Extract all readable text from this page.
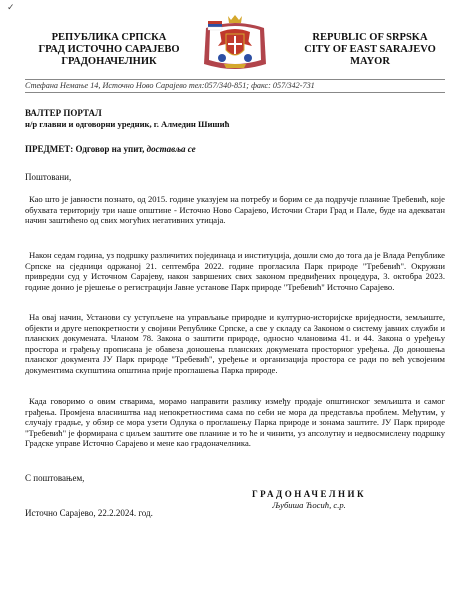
✓
РЕПУБЛИКА СРПСКА
ГРАД ИСТОЧНО САРАЈЕВО
ГРАДОНАЧЕЛНИК
REPUBLIC OF SRPSKA
CITY OF EAST SARAJEVO
MAYOR
Стефана Немање 14, Источно Ново Сарајево тел:057/340-851; факс: 057/342-731
ВАЛТЕР ПОРТАЛ
н/р главни и одговорни уредник, г. Алмедин Шишић
ПРЕДМЕТ: Одговор на упит, доставља се
Поштовани,
Као што је јавности познато, од 2015. године указујем на потребу и борим се да подручје планине Требевић, које обухвата територију три наше општине - Источно Ново Сарајево, Источни Стари Град и Пале, буде на адекватан начин заштићено од свих могућих негативних утицаја.
Након седам година, уз подршку различитих појединаца и институција, дошли смо до тога да је Влада Републике Српске на сједници одржаној 21. септембра 2022. године прогласила Парк природе "Требевић". Окружни привредни суд у Источном Сарајеву, након завршених свих законом предвиђених процедура, 3. октобра 2023. године донио је рјешење о регистрацији Јавне установе Парк природе "Требевић" Источно Сарајево.
На овај начин, Установи су уступљене на управљање природне и културно-историјске вриједности, земљиште, објекти и друге непокретности у својини Републике Српске, а све у складу са Законом о систему јавних служби и планских докумената. Чланом 78. Закона о заштити природе, односно члановима 41. и 44. Закона о уређењу простора и грађењу прописана је обавеза доношења планских докумената просторног уређења. До доношења планског документа ЈУ Парк природе "Требевић", уређење и организација простора се ради по већ усвојеним документима скупштина општина прије проглашења Парка природе.
Када говоримо о овим стварима, морамо направити разлику између продаје општинског земљишта и самог грађења. Промјена власништва над непокретностима сама по себи не мора да представља проблем. Међутим, у случају градње, у обзир се мора узети Одлука о проглашењу Парка природе и зонама заштите. ЈУ Парк природе "Требевић" је формирана с циљем заштите ове планине и то ће и чинити, уз апсолутну и недвосмислену подршку Градске управе Источно Сарајево и мене као градоначелника.
С поштовањем,
ГРАДОНАЧЕЛНИК
Љубиша Ћосић, с.р.
Источно Сарајево, 22.2.2024. год.
